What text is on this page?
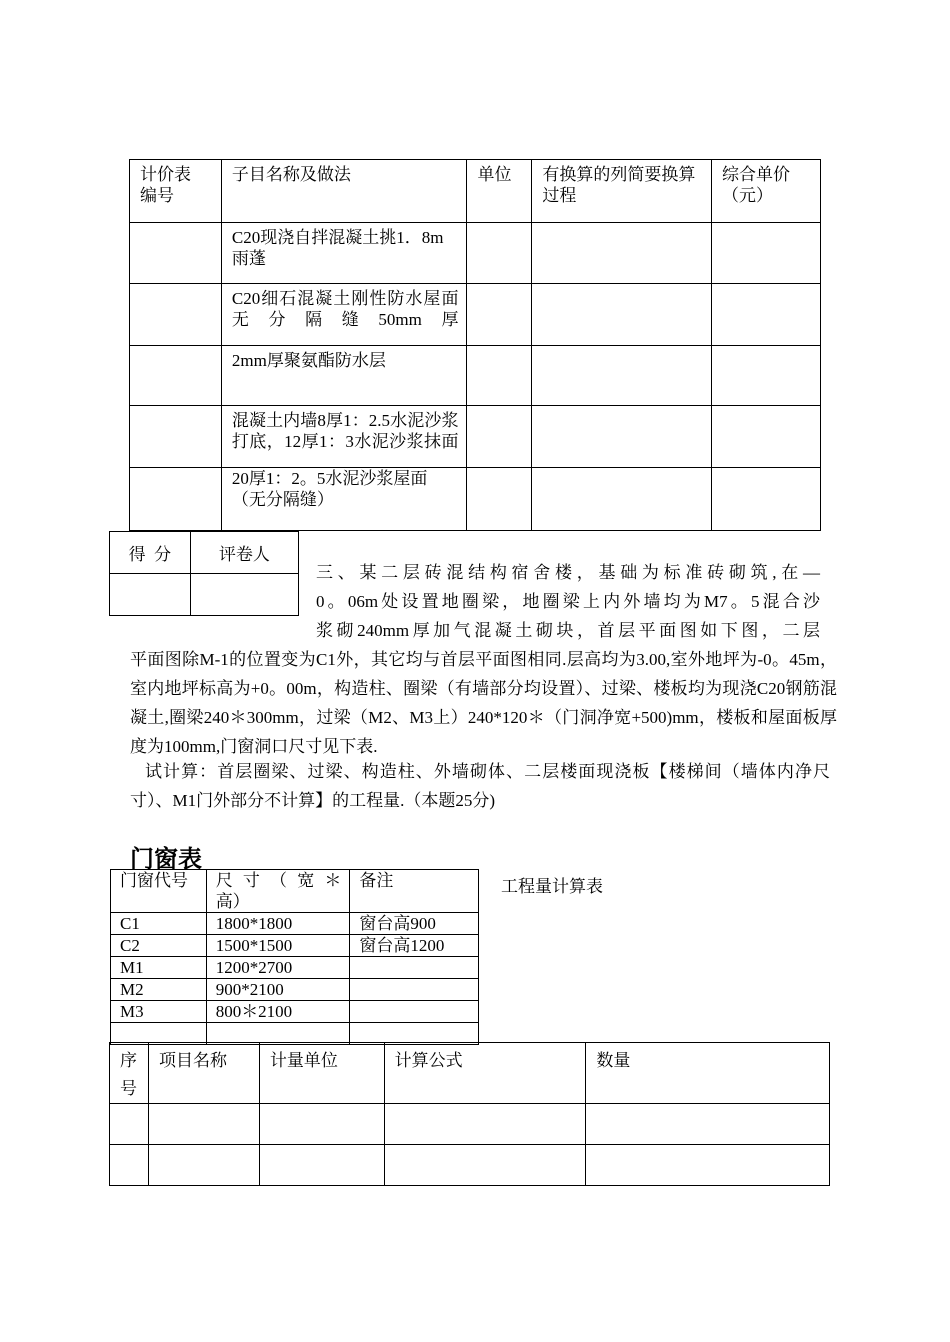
计价表
编号	子目名称及做法	单位	有换算的列简要换算过程	综合单价
（元）
	C20现浇自拌混凝土挑1．8m雨蓬			
	C20细石混凝土刚性防水屋面无分隔缝50mm厚			
	2mm厚聚氨酯防水层			
	混凝土内墙8厚1：2.5水泥沙浆打底，12厚1：3水泥沙浆抹面			
	20厚1：2。5水泥沙浆屋面（无分隔缝）			
得  分	评卷人

三、某二层砖混结构宿舍楼，基础为标准砖砌筑,在—
0。06m处设置地圈梁，地圈梁上内外墙均为M7。5混合沙
浆砌240mm厚加气混凝土砌块，首层平面图如下图，二层
平面图除M-1的位置变为C1外，其它均与首层平面图相同.层高均为3.00,室外地坪为-0。45m，室内地坪标高为+0。00m，构造柱、圈梁（有墙部分均设置）、过梁、楼板均为现浇C20钢筋混凝土,圈梁240＊300mm，过梁（M2、M3上）240*120＊（门洞净宽+500)mm，楼板和屋面板厚度为100mm,门窗洞口尺寸见下表.
试计算：首层圈梁、过梁、构造柱、外墙砌体、二层楼面现浇板【楼梯间（墙体内净尺寸）、M1门外部分不计算】的工程量.（本题25分)
门窗表
门窗代号	尺 寸 （ 宽 ＊ 高）	备注
C1	1800*1800	窗台高900
C2	1500*1500	窗台高1200
M1	1200*2700	
M2	900*2100	
M3	800＊2100	

工程量计算表
序号	项目名称	计量单位	计算公式	数量
